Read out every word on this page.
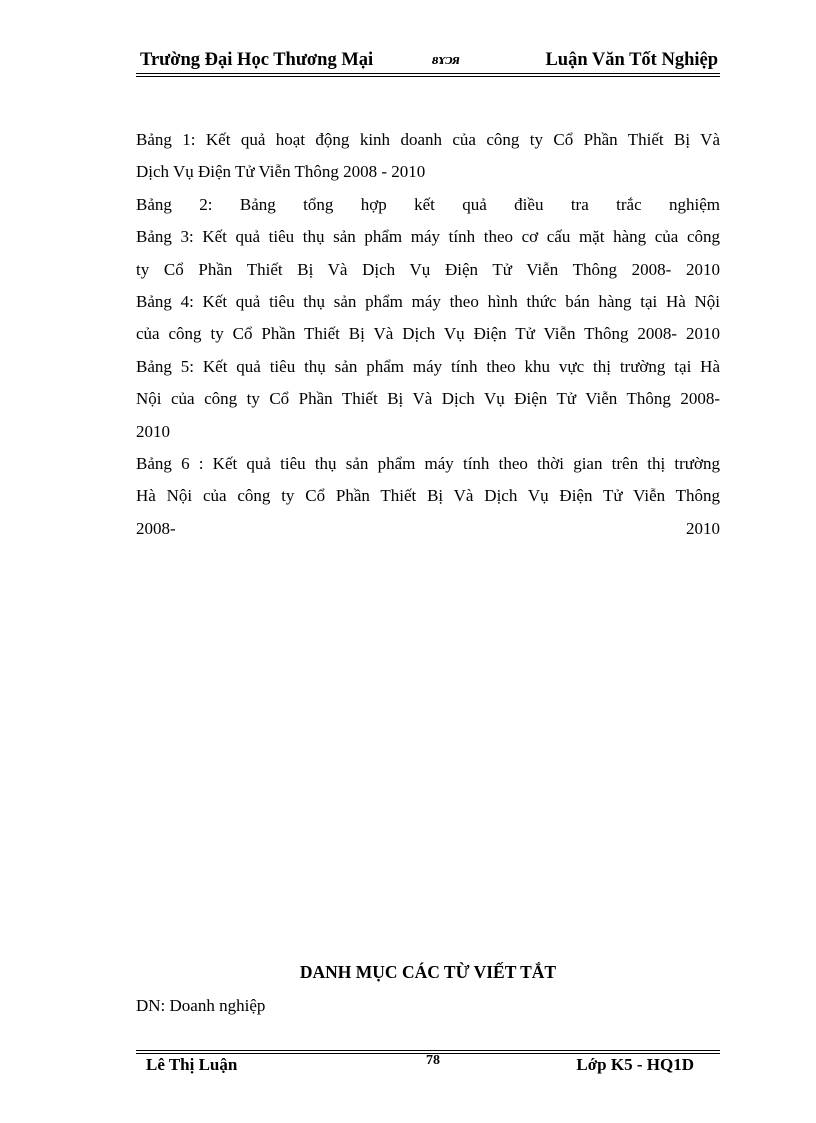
Trường Đại Học Thương Mại	ᴕɤᴐᴙ	Luận Văn Tốt Nghiệp

Bảng 1: Kết quả hoạt động kinh doanh của công ty Cổ Phần Thiết Bị Và

Dịch Vụ Điện Tử Viễn Thông 2008 - 2010

Bảng 2: Bảng tổng hợp kết quả điều tra trắc nghiệm

Bảng 3: Kết quả tiêu thụ sản phẩm máy tính theo cơ cấu mặt hàng của công

ty Cổ Phần Thiết Bị Và Dịch Vụ Điện Tử Viễn Thông 2008- 2010

Bảng 4: Kết quả tiêu thụ sản phẩm máy theo hình thức bán hàng tại Hà Nội

của công ty Cổ Phần Thiết Bị Và Dịch Vụ Điện Tử Viễn Thông 2008- 2010

Bảng 5: Kết quả tiêu thụ sản phẩm máy tính theo khu vực thị trường tại Hà

Nội của công ty Cổ Phần Thiết Bị Và Dịch Vụ Điện Tử Viễn Thông 2008-

2010

Bảng 6 : Kết quả tiêu thụ sản phẩm máy tính theo thời gian trên thị trường

Hà Nội của công ty Cổ Phần Thiết Bị Và Dịch Vụ Điện Tử Viễn Thông

2008- 2010

DANH MỤC CÁC TỪ VIẾT TẮT
DN: Doanh nghiệp
Lê Thị Luận	78	Lớp K5 - HQ1D
